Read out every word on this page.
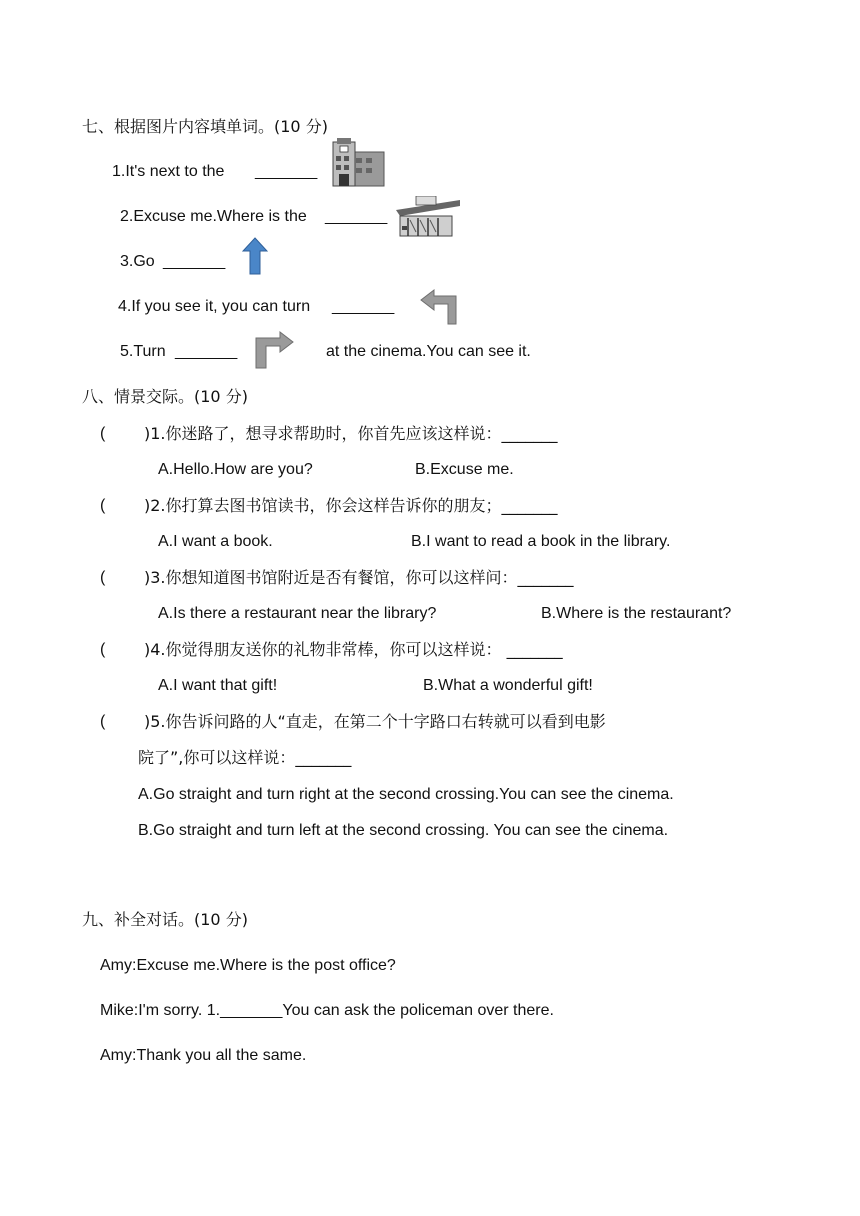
七、根据图片内容填单词。(10 分)
1.It's next to the _______
2.Excuse me.Where is the _______
3.Go _______
4.If you see it, you can turn _______
5.Turn _______	at the cinema.You can see it.
八、情景交际。(10 分)
( )1.你迷路了，想寻求帮助时，你首先应该这样说：_______
A.Hello.How are you?	B.Excuse me.
( )2.你打算去图书馆读书，你会这样告诉你的朋友；_______
A.I want a book.	B.I want to read a book in the library.
( )3.你想知道图书馆附近是否有餐馆，你可以这样问：_______
A.Is there a restaurant near the library?	B.Where is the restaurant?
( )4.你觉得朋友送你的礼物非常棒，你可以这样说： _______
A.I want that gift!	B.What a wonderful gift!
( )5.你告诉问路的人“直走，在第二个十字路口右转就可以看到电影
院了”,你可以这样说：_______
A.Go straight and turn right at the second crossing.You can see the cinema.
B.Go straight and turn left at the second crossing. You can see the cinema.
九、补全对话。(10 分)
Amy:Excuse me.Where is the post office?
Mike:I'm sorry. 1._______You can ask the policeman over there.
Amy:Thank you all the same.
